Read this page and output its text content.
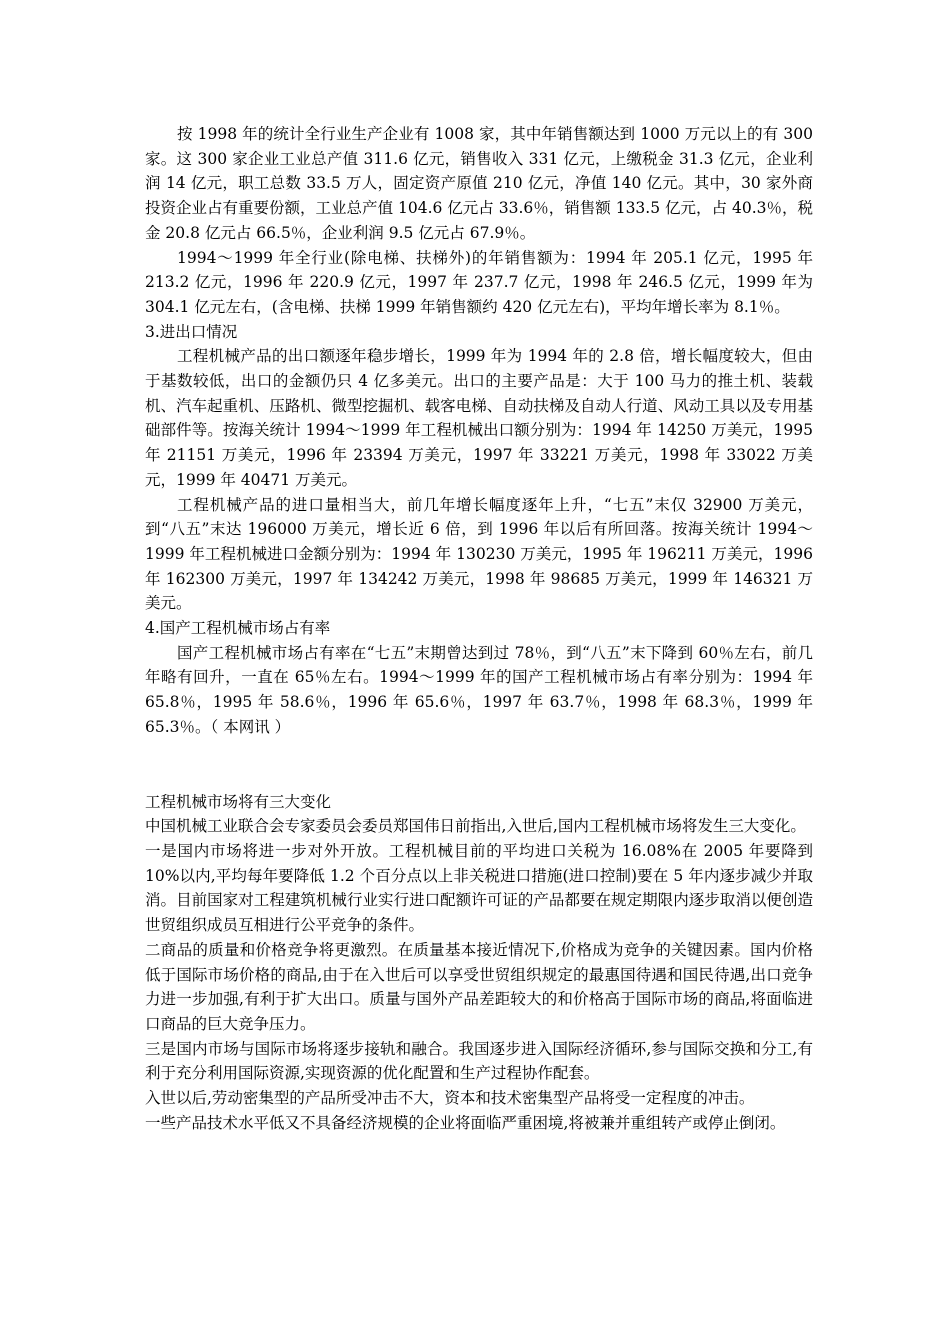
按 1998 年的统计全行业生产企业有 1008 家，其中年销售额达到 1000 万元以上的有 300 家。这 300 家企业工业总产值 311.6 亿元，销售收入 331 亿元，上缴税金 31.3 亿元，企业利润 14 亿元，职工总数 33.5 万人，固定资产原值 210 亿元，净值 140 亿元。其中，30 家外商投资企业占有重要份额，工业总产值 104.6 亿元占 33.6％，销售额 133.5 亿元，占 40.3％，税金 20.8 亿元占 66.5％，企业利润 9.5 亿元占 67.9％。

1994～1999 年全行业(除电梯、扶梯外)的年销售额为：1994 年 205.1 亿元，1995 年 213.2 亿元，1996 年 220.9 亿元，1997 年 237.7 亿元，1998 年 246.5 亿元，1999 年为 304.1 亿元左右，(含电梯、扶梯 1999 年销售额约 420 亿元左右)，平均年增长率为 8.1％。

3.进出口情况

工程机械产品的出口额逐年稳步增长，1999 年为 1994 年的 2.8 倍，增长幅度较大，但由于基数较低，出口的金额仍只 4 亿多美元。出口的主要产品是：大于 100 马力的推土机、装载机、汽车起重机、压路机、微型挖掘机、载客电梯、自动扶梯及自动人行道、风动工具以及专用基础部件等。按海关统计 1994～1999 年工程机械出口额分别为：1994 年 14250 万美元，1995 年 21151 万美元，1996 年 23394 万美元，1997 年 33221 万美元，1998 年 33022 万美元，1999 年 40471 万美元。

工程机械产品的进口量相当大，前几年增长幅度逐年上升，“七五”末仅 32900 万美元，到“八五”末达 196000 万美元，增长近 6 倍，到 1996 年以后有所回落。按海关统计 1994～1999 年工程机械进口金额分别为：1994 年 130230 万美元，1995 年 196211 万美元，1996 年 162300 万美元，1997 年 134242 万美元，1998 年 98685 万美元，1999 年 146321 万美元。

4.国产工程机械市场占有率

国产工程机械市场占有率在“七五”末期曾达到过 78％，到“八五”末下降到 60％左右，前几年略有回升，一直在 65％左右。1994～1999 年的国产工程机械市场占有率分别为：1994 年 65.8％，1995 年 58.6％，1996 年 65.6％，1997 年 63.7％，1998 年 68.3％，1999 年 65.3％。（ 本网讯 ）

工程机械市场将有三大变化

中国机械工业联合会专家委员会委员郑国伟日前指出,入世后,国内工程机械市场将发生三大变化。

一是国内市场将进一步对外开放。工程机械目前的平均进口关税为 16.08%在 2005 年要降到 10%以内,平均每年要降低 1.2 个百分点以上非关税进口措施(进口控制)要在 5 年内逐步减少并取消。目前国家对工程建筑机械行业实行进口配额许可证的产品都要在规定期限内逐步取消以便创造世贸组织成员互相进行公平竞争的条件。

二商品的质量和价格竞争将更激烈。在质量基本接近情况下,价格成为竞争的关键因素。国内价格低于国际市场价格的商品,由于在入世后可以享受世贸组织规定的最惠国待遇和国民待遇,出口竞争力进一步加强,有利于扩大出口。质量与国外产品差距较大的和价格高于国际市场的商品,将面临进口商品的巨大竞争压力。

三是国内市场与国际市场将逐步接轨和融合。我国逐步进入国际经济循环,参与国际交换和分工,有利于充分利用国际资源,实现资源的优化配置和生产过程协作配套。

入世以后,劳动密集型的产品所受冲击不大，资本和技术密集型产品将受一定程度的冲击。

一些产品技术水平低又不具备经济规模的企业将面临严重困境,将被兼并重组转产或停止倒闭。
